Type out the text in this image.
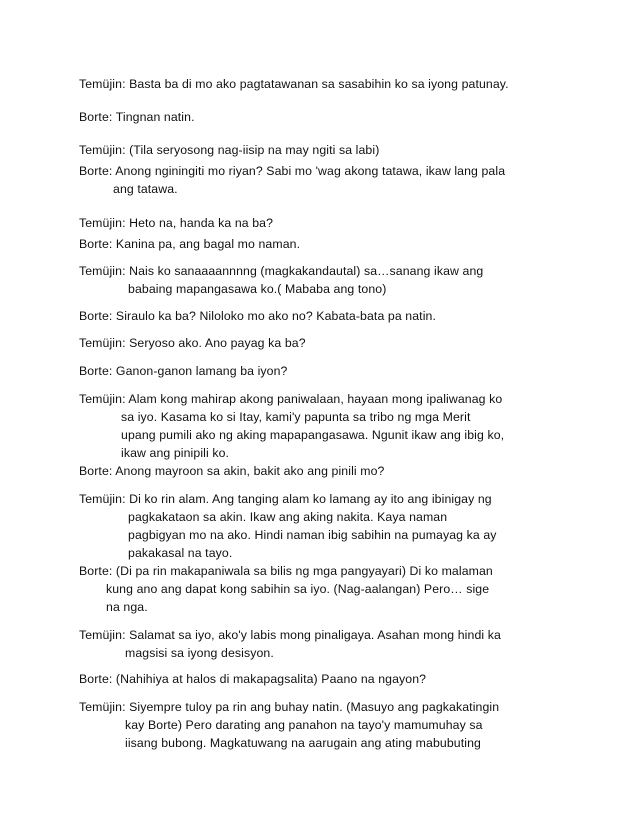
Temüjin: Basta ba di mo ako pagtatawanan sa sasabihin ko sa iyong patunay.
Borte: Tingnan natin.
Temüjin: (Tila seryosong nag-iisip na may ngiti sa labi)
Borte: Anong nginingiti mo riyan? Sabi mo 'wag akong tatawa, ikaw lang pala
ang tatawa.
Temüjin: Heto na, handa ka na ba?
Borte: Kanina pa, ang bagal mo naman.
Temüjin: Nais ko sanaaaannnng (magkakandautal) sa…sanang ikaw ang
babaing mapangasawa ko.( Mababa ang tono)
Borte: Siraulo ka ba? Niloloko mo ako no? Kabata-bata pa natin.
Temüjin: Seryoso ako. Ano payag ka ba?
Borte: Ganon-ganon lamang ba iyon?
Temüjin: Alam kong mahirap akong paniwalaan, hayaan mong ipaliwanag ko
sa iyo. Kasama ko si Itay, kami'y papunta sa tribo ng mga Merit
upang pumili ako ng aking mapapangasawa. Ngunit ikaw ang ibig ko,
ikaw ang pinipili ko.
Borte: Anong mayroon sa akin, bakit ako ang pinili mo?
Temüjin: Di ko rin alam. Ang tanging alam ko lamang ay ito ang ibinigay ng
pagkakataon sa akin. Ikaw ang aking nakita. Kaya naman
pagbigyan mo na ako. Hindi naman ibig sabihin na pumayag ka ay
pakakasal na tayo.
Borte: (Di pa rin makapaniwala sa bilis ng mga pangyayari) Di ko malaman
kung ano ang dapat kong sabihin sa iyo. (Nag-aalangan) Pero… sige
na nga.
Temüjin: Salamat sa iyo, ako'y labis mong pinaligaya. Asahan mong hindi ka
magsisi sa iyong desisyon.
Borte: (Nahihiya at halos di makapagsalita) Paano na ngayon?
Temüjin: Siyempre tuloy pa rin ang buhay natin. (Masuyo ang pagkakatingin
kay Borte) Pero darating ang panahon na tayo'y mamumuhay sa
iisang bubong. Magkatuwang na aarugain ang ating mabubuting
